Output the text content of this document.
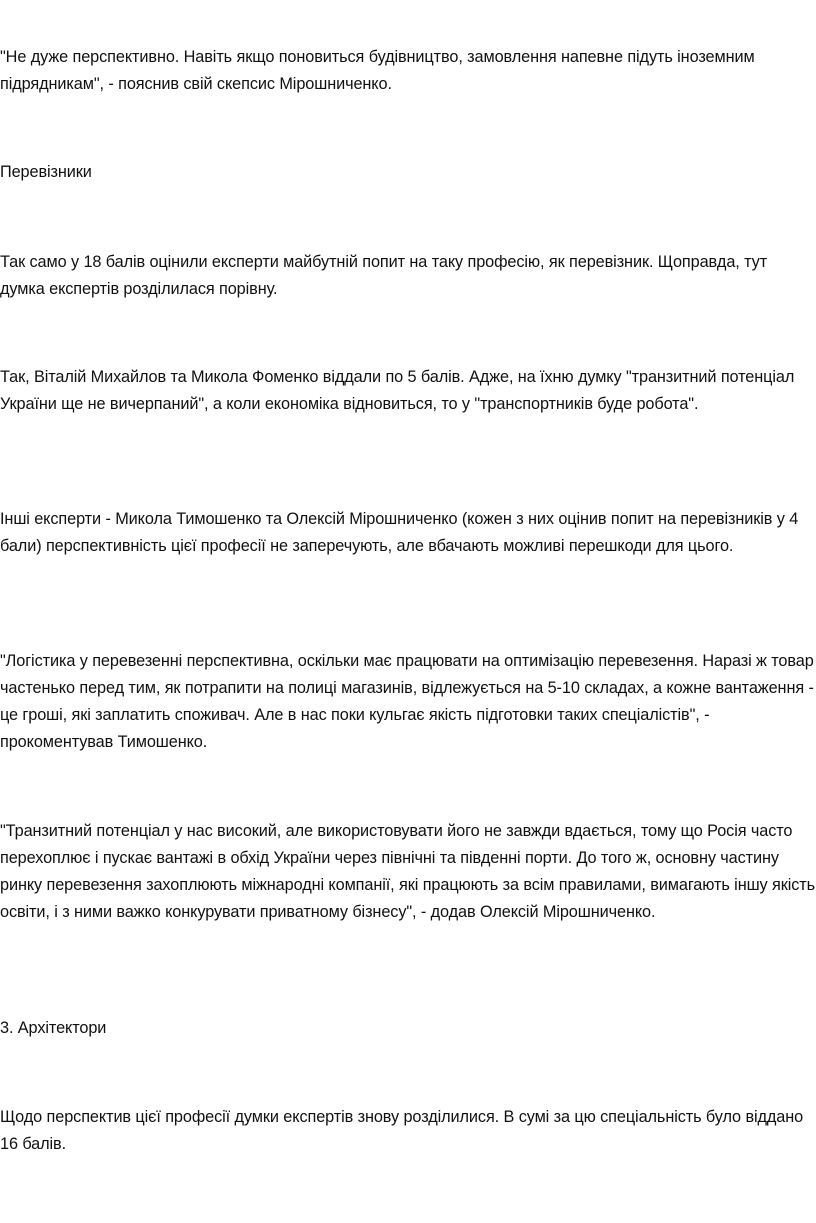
"Не дуже перспективно. Навіть якщо поновиться будівництво, замовлення напевне підуть іноземним підрядникам", - пояснив свій скепсис Мірошниченко.

Перевізники

Так само у 18 балів оцінили експерти майбутній попит на таку професію, як перевізник. Щоправда, тут думка експертів розділилася порівну.

Так, Віталій Михайлов та Микола Фоменко віддали по 5 балів. Адже, на їхню думку "транзитний потенціал України ще не вичерпаний", а коли економіка відновиться, то у "транспортників буде робота".

Інші експерти - Микола Тимошенко та Олексій Мірошниченко (кожен з них оцінив попит на перевізників у 4 бали) перспективність цієї професії не заперечують, але вбачають можливі перешкоди для цього.

"Логістика у перевезенні перспективна, оскільки має працювати на оптимізацію перевезення. Наразі ж товар частенько перед тим, як потрапити на полиці магазинів, відлежується на 5-10 складах, а кожне вантаження - це гроші, які заплатить споживач. Але в нас поки кульгає якість підготовки таких спеціалістів", - прокоментував Тимошенко.

"Транзитний потенціал у нас високий, але використовувати його не завжди вдається, тому що Росія часто перехоплює і пускає вантажі в обхід України через північні та південні порти. До того ж, основну частину ринку перевезення захоплюють міжнародні компанії, які працюють за всім правилами, вимагають іншу якість освіти, і з ними важко конкурувати приватному бізнесу", - додав Олексій Мірошниченко.

3. Архітектори

Щодо перспектив цієї професії думки експертів знову розділилися. В сумі за цю спеціальність було віддано 16 балів.
